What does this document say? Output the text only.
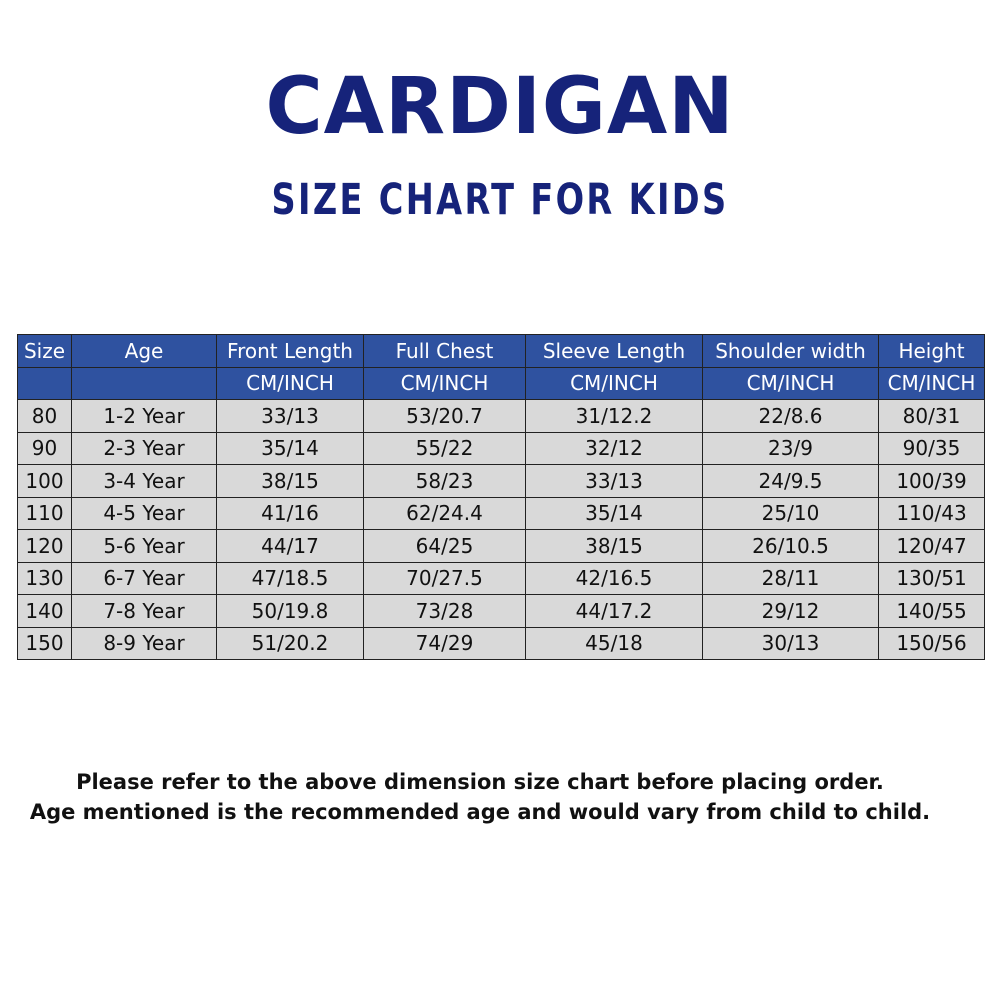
CARDIGAN
SIZE CHART FOR KIDS
Size	Age	Front Length	Full Chest	Sleeve Length	Shoulder width	Height
		CM/INCH	CM/INCH	CM/INCH	CM/INCH	CM/INCH
80	1-2 Year	33/13	53/20.7	31/12.2	22/8.6	80/31
90	2-3 Year	35/14	55/22	32/12	23/9	90/35
100	3-4 Year	38/15	58/23	33/13	24/9.5	100/39
110	4-5 Year	41/16	62/24.4	35/14	25/10	110/43
120	5-6 Year	44/17	64/25	38/15	26/10.5	120/47
130	6-7 Year	47/18.5	70/27.5	42/16.5	28/11	130/51
140	7-8 Year	50/19.8	73/28	44/17.2	29/12	140/55
150	8-9 Year	51/20.2	74/29	45/18	30/13	150/56
Please refer to the above dimension size chart before placing order.
Age mentioned is the recommended age and would vary from child to child.
